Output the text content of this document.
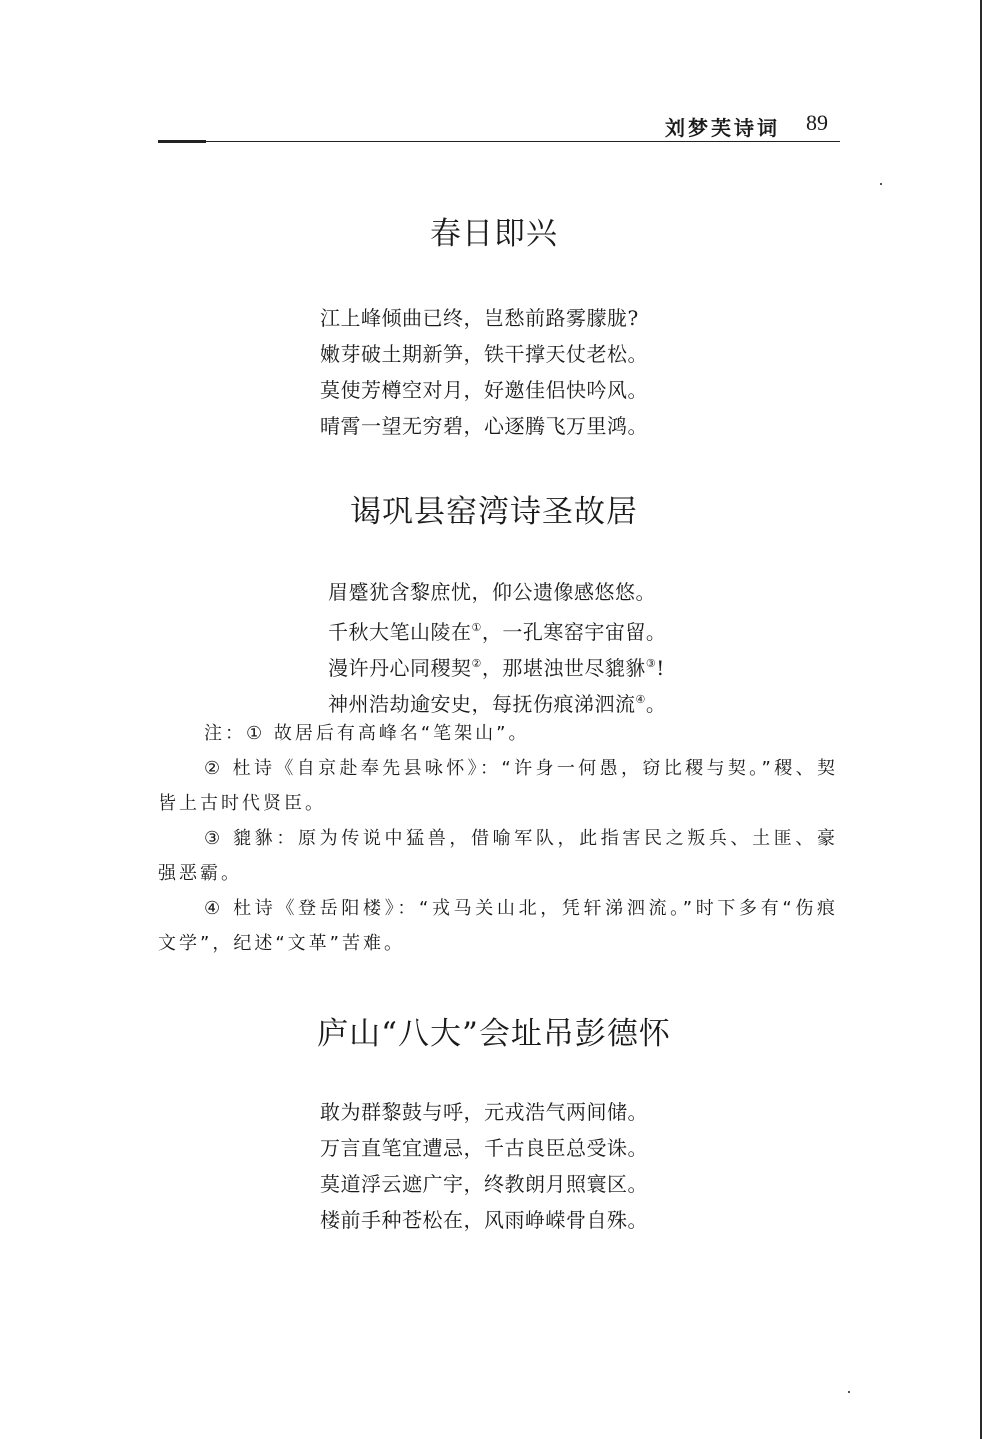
刘梦芙诗词 89
春日即兴
江上峰倾曲已终，岂愁前路雾朦胧?
嫩芽破土期新笋，铁干撑天仗老松。
莫使芳樽空对月，好邀佳侣快吟风。
晴霄一望无穷碧，心逐腾飞万里鸿。
谒巩县窑湾诗圣故居
眉蹙犹含黎庶忧，仰公遗像感悠悠。
千秋大笔山陵在①，一孔寒窑宇宙留。
漫许丹心同稷契②，那堪浊世尽貔貅③!
神州浩劫逾安史，每抚伤痕涕泗流④。
注：① 故居后有高峰名“笔架山”。
② 杜诗《自京赴奉先县咏怀》：“许身一何愚，窃比稷与契。”稷、契皆上古时代贤臣。
③ 貔貅：原为传说中猛兽，借喻军队，此指害民之叛兵、土匪、豪强恶霸。
④ 杜诗《登岳阳楼》：“戎马关山北，凭轩涕泗流。”时下多有“伤痕文学”，纪述“文革”苦难。
庐山“八大”会址吊彭德怀
敢为群黎鼓与呼，元戎浩气两间储。
万言直笔宜遭忌，千古良臣总受诛。
莫道浮云遮广宇，终教朗月照寰区。
楼前手种苍松在，风雨峥嵘骨自殊。
